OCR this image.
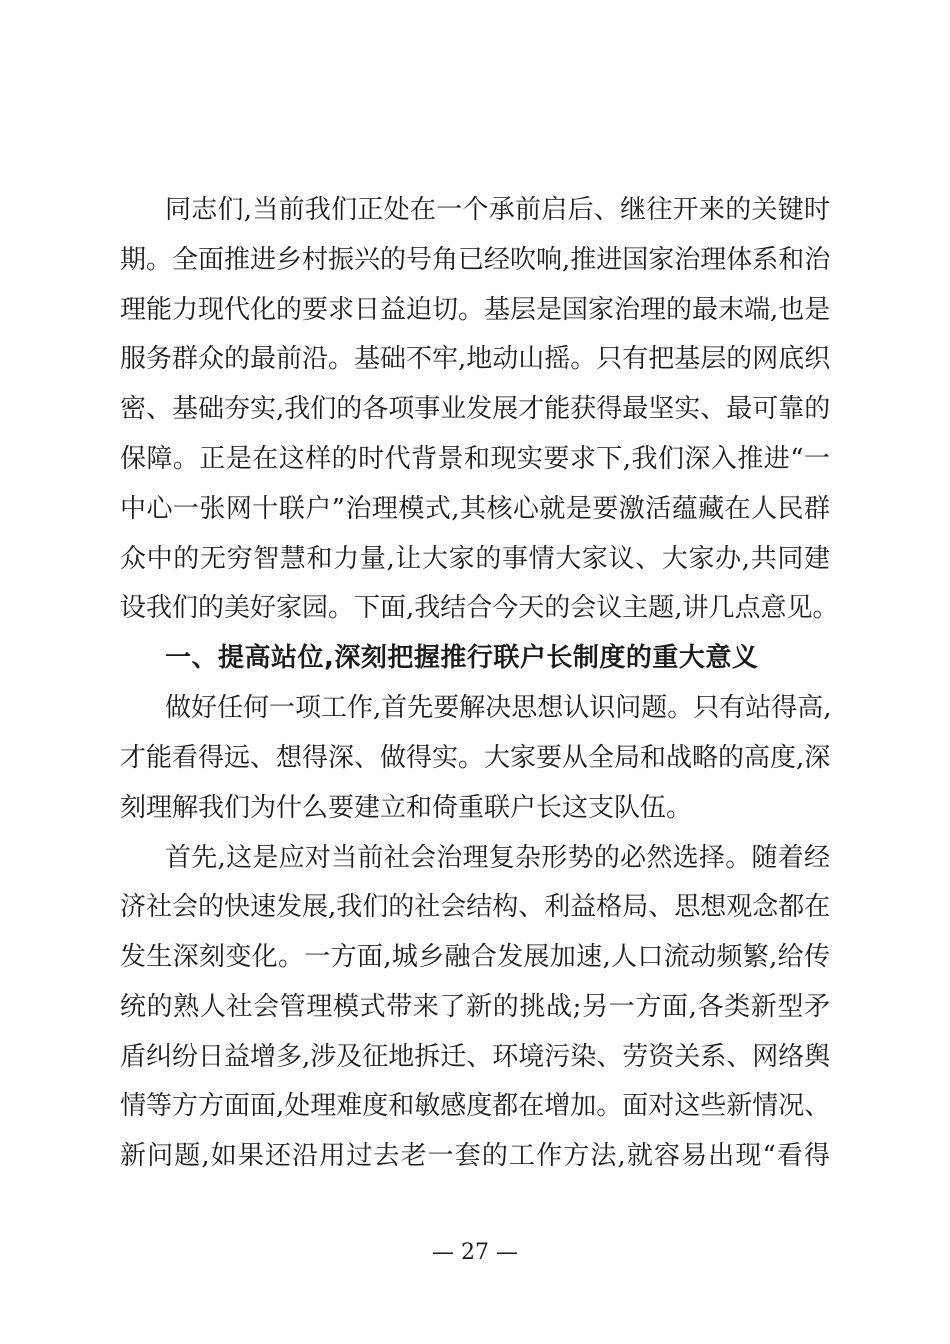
同志们,当前我们正处在一个承前启后、继往开来的关键时
期。全面推进乡村振兴的号角已经吹响,推进国家治理体系和治
理能力现代化的要求日益迫切。基层是国家治理的最末端,也是
服务群众的最前沿。基础不牢,地动山摇。只有把基层的网底织
密、基础夯实,我们的各项事业发展才能获得最坚实、最可靠的
保障。正是在这样的时代背景和现实要求下,我们深入推进“一
中心一张网十联户”治理模式,其核心就是要激活蕴藏在人民群
众中的无穷智慧和力量,让大家的事情大家议、大家办,共同建
设我们的美好家园。下面,我结合今天的会议主题,讲几点意见。
一、提高站位,深刻把握推行联户长制度的重大意义
做好任何一项工作,首先要解决思想认识问题。只有站得高,
才能看得远、想得深、做得实。大家要从全局和战略的高度,深
刻理解我们为什么要建立和倚重联户长这支队伍。
首先,这是应对当前社会治理复杂形势的必然选择。随着经
济社会的快速发展,我们的社会结构、利益格局、思想观念都在
发生深刻变化。一方面,城乡融合发展加速,人口流动频繁,给传
统的熟人社会管理模式带来了新的挑战;另一方面,各类新型矛
盾纠纷日益增多,涉及征地拆迁、环境污染、劳资关系、网络舆
情等方方面面,处理难度和敏感度都在增加。面对这些新情况、
新问题,如果还沿用过去老一套的工作方法,就容易出现“看得
— 27 —
